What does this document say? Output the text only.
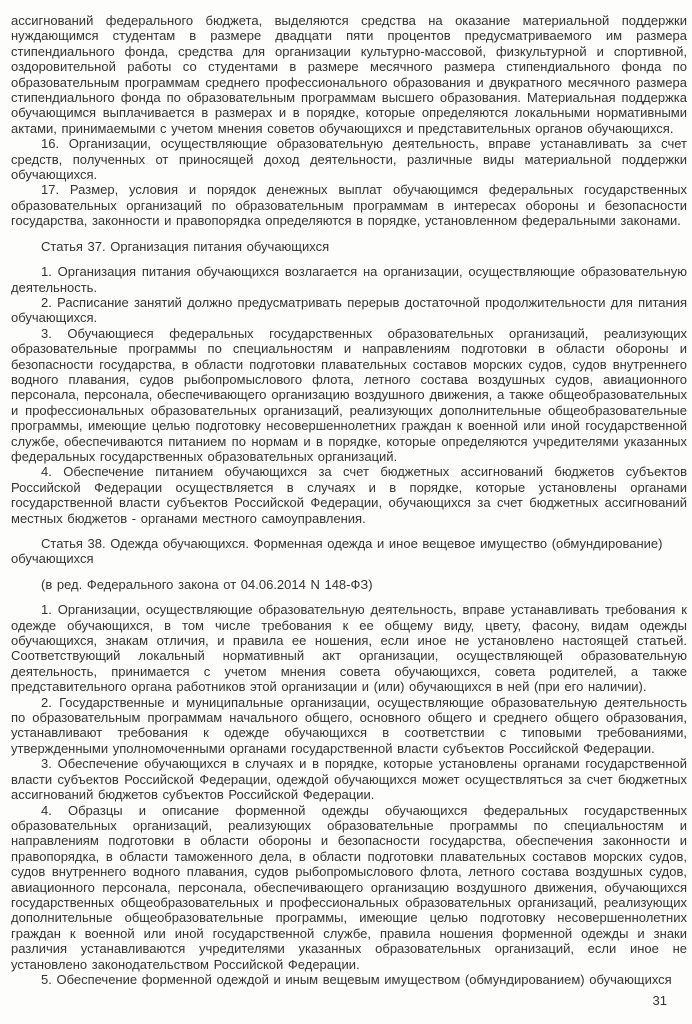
ассигнований федерального бюджета, выделяются средства на оказание материальной поддержки нуждающимся студентам в размере двадцати пяти процентов предусматриваемого им размера стипендиального фонда, средства для организации культурно-массовой, физкультурной и спортивной, оздоровительной работы со студентами в размере месячного размера стипендиального фонда по образовательным программам среднего профессионального образования и двукратного месячного размера стипендиального фонда по образовательным программам высшего образования. Материальная поддержка обучающимся выплачивается в размерах и в порядке, которые определяются локальными нормативными актами, принимаемыми с учетом мнения советов обучающихся и представительных органов обучающихся.

16. Организации, осуществляющие образовательную деятельность, вправе устанавливать за счет средств, полученных от приносящей доход деятельности, различные виды материальной поддержки обучающихся.

17. Размер, условия и порядок денежных выплат обучающимся федеральных государственных образовательных организаций по образовательным программам в интересах обороны и безопасности государства, законности и правопорядка определяются в порядке, установленном федеральными законами.

Статья 37. Организация питания обучающихся

1. Организация питания обучающихся возлагается на организации, осуществляющие образовательную деятельность.

2. Расписание занятий должно предусматривать перерыв достаточной продолжительности для питания обучающихся.

3. Обучающиеся федеральных государственных образовательных организаций, реализующих образовательные программы по специальностям и направлениям подготовки в области обороны и безопасности государства, в области подготовки плавательных составов морских судов, судов внутреннего водного плавания, судов рыбопромыслового флота, летного состава воздушных судов, авиационного персонала, персонала, обеспечивающего организацию воздушного движения, а также общеобразовательных и профессиональных образовательных организаций, реализующих дополнительные общеобразовательные программы, имеющие целью подготовку несовершеннолетних граждан к военной или иной государственной службе, обеспечиваются питанием по нормам и в порядке, которые определяются учредителями указанных федеральных государственных образовательных организаций.

4. Обеспечение питанием обучающихся за счет бюджетных ассигнований бюджетов субъектов Российской Федерации осуществляется в случаях и в порядке, которые установлены органами государственной власти субъектов Российской Федерации, обучающихся за счет бюджетных ассигнований местных бюджетов - органами местного самоуправления.

Статья 38. Одежда обучающихся. Форменная одежда и иное вещевое имущество (обмундирование) обучающихся

(в ред. Федерального закона от 04.06.2014 N 148-ФЗ)

1. Организации, осуществляющие образовательную деятельность, вправе устанавливать требования к одежде обучающихся, в том числе требования к ее общему виду, цвету, фасону, видам одежды обучающихся, знакам отличия, и правила ее ношения, если иное не установлено настоящей статьей. Соответствующий локальный нормативный акт организации, осуществляющей образовательную деятельность, принимается с учетом мнения совета обучающихся, совета родителей, а также представительного органа работников этой организации и (или) обучающихся в ней (при его наличии).

2. Государственные и муниципальные организации, осуществляющие образовательную деятельность по образовательным программам начального общего, основного общего и среднего общего образования, устанавливают требования к одежде обучающихся в соответствии с типовыми требованиями, утвержденными уполномоченными органами государственной власти субъектов Российской Федерации.

3. Обеспечение обучающихся в случаях и в порядке, которые установлены органами государственной власти субъектов Российской Федерации, одеждой обучающихся может осуществляться за счет бюджетных ассигнований бюджетов субъектов Российской Федерации.

4. Образцы и описание форменной одежды обучающихся федеральных государственных образовательных организаций, реализующих образовательные программы по специальностям и направлениям подготовки в области обороны и безопасности государства, обеспечения законности и правопорядка, в области таможенного дела, в области подготовки плавательных составов морских судов, судов внутреннего водного плавания, судов рыбопромыслового флота, летного состава воздушных судов, авиационного персонала, персонала, обеспечивающего организацию воздушного движения, обучающихся государственных общеобразовательных и профессиональных образовательных организаций, реализующих дополнительные общеобразовательные программы, имеющие целью подготовку несовершеннолетних граждан к военной или иной государственной службе, правила ношения форменной одежды и знаки различия устанавливаются учредителями указанных образовательных организаций, если иное не установлено законодательством Российской Федерации.

5. Обеспечение форменной одеждой и иным вещевым имуществом (обмундированием) обучающихся

31
